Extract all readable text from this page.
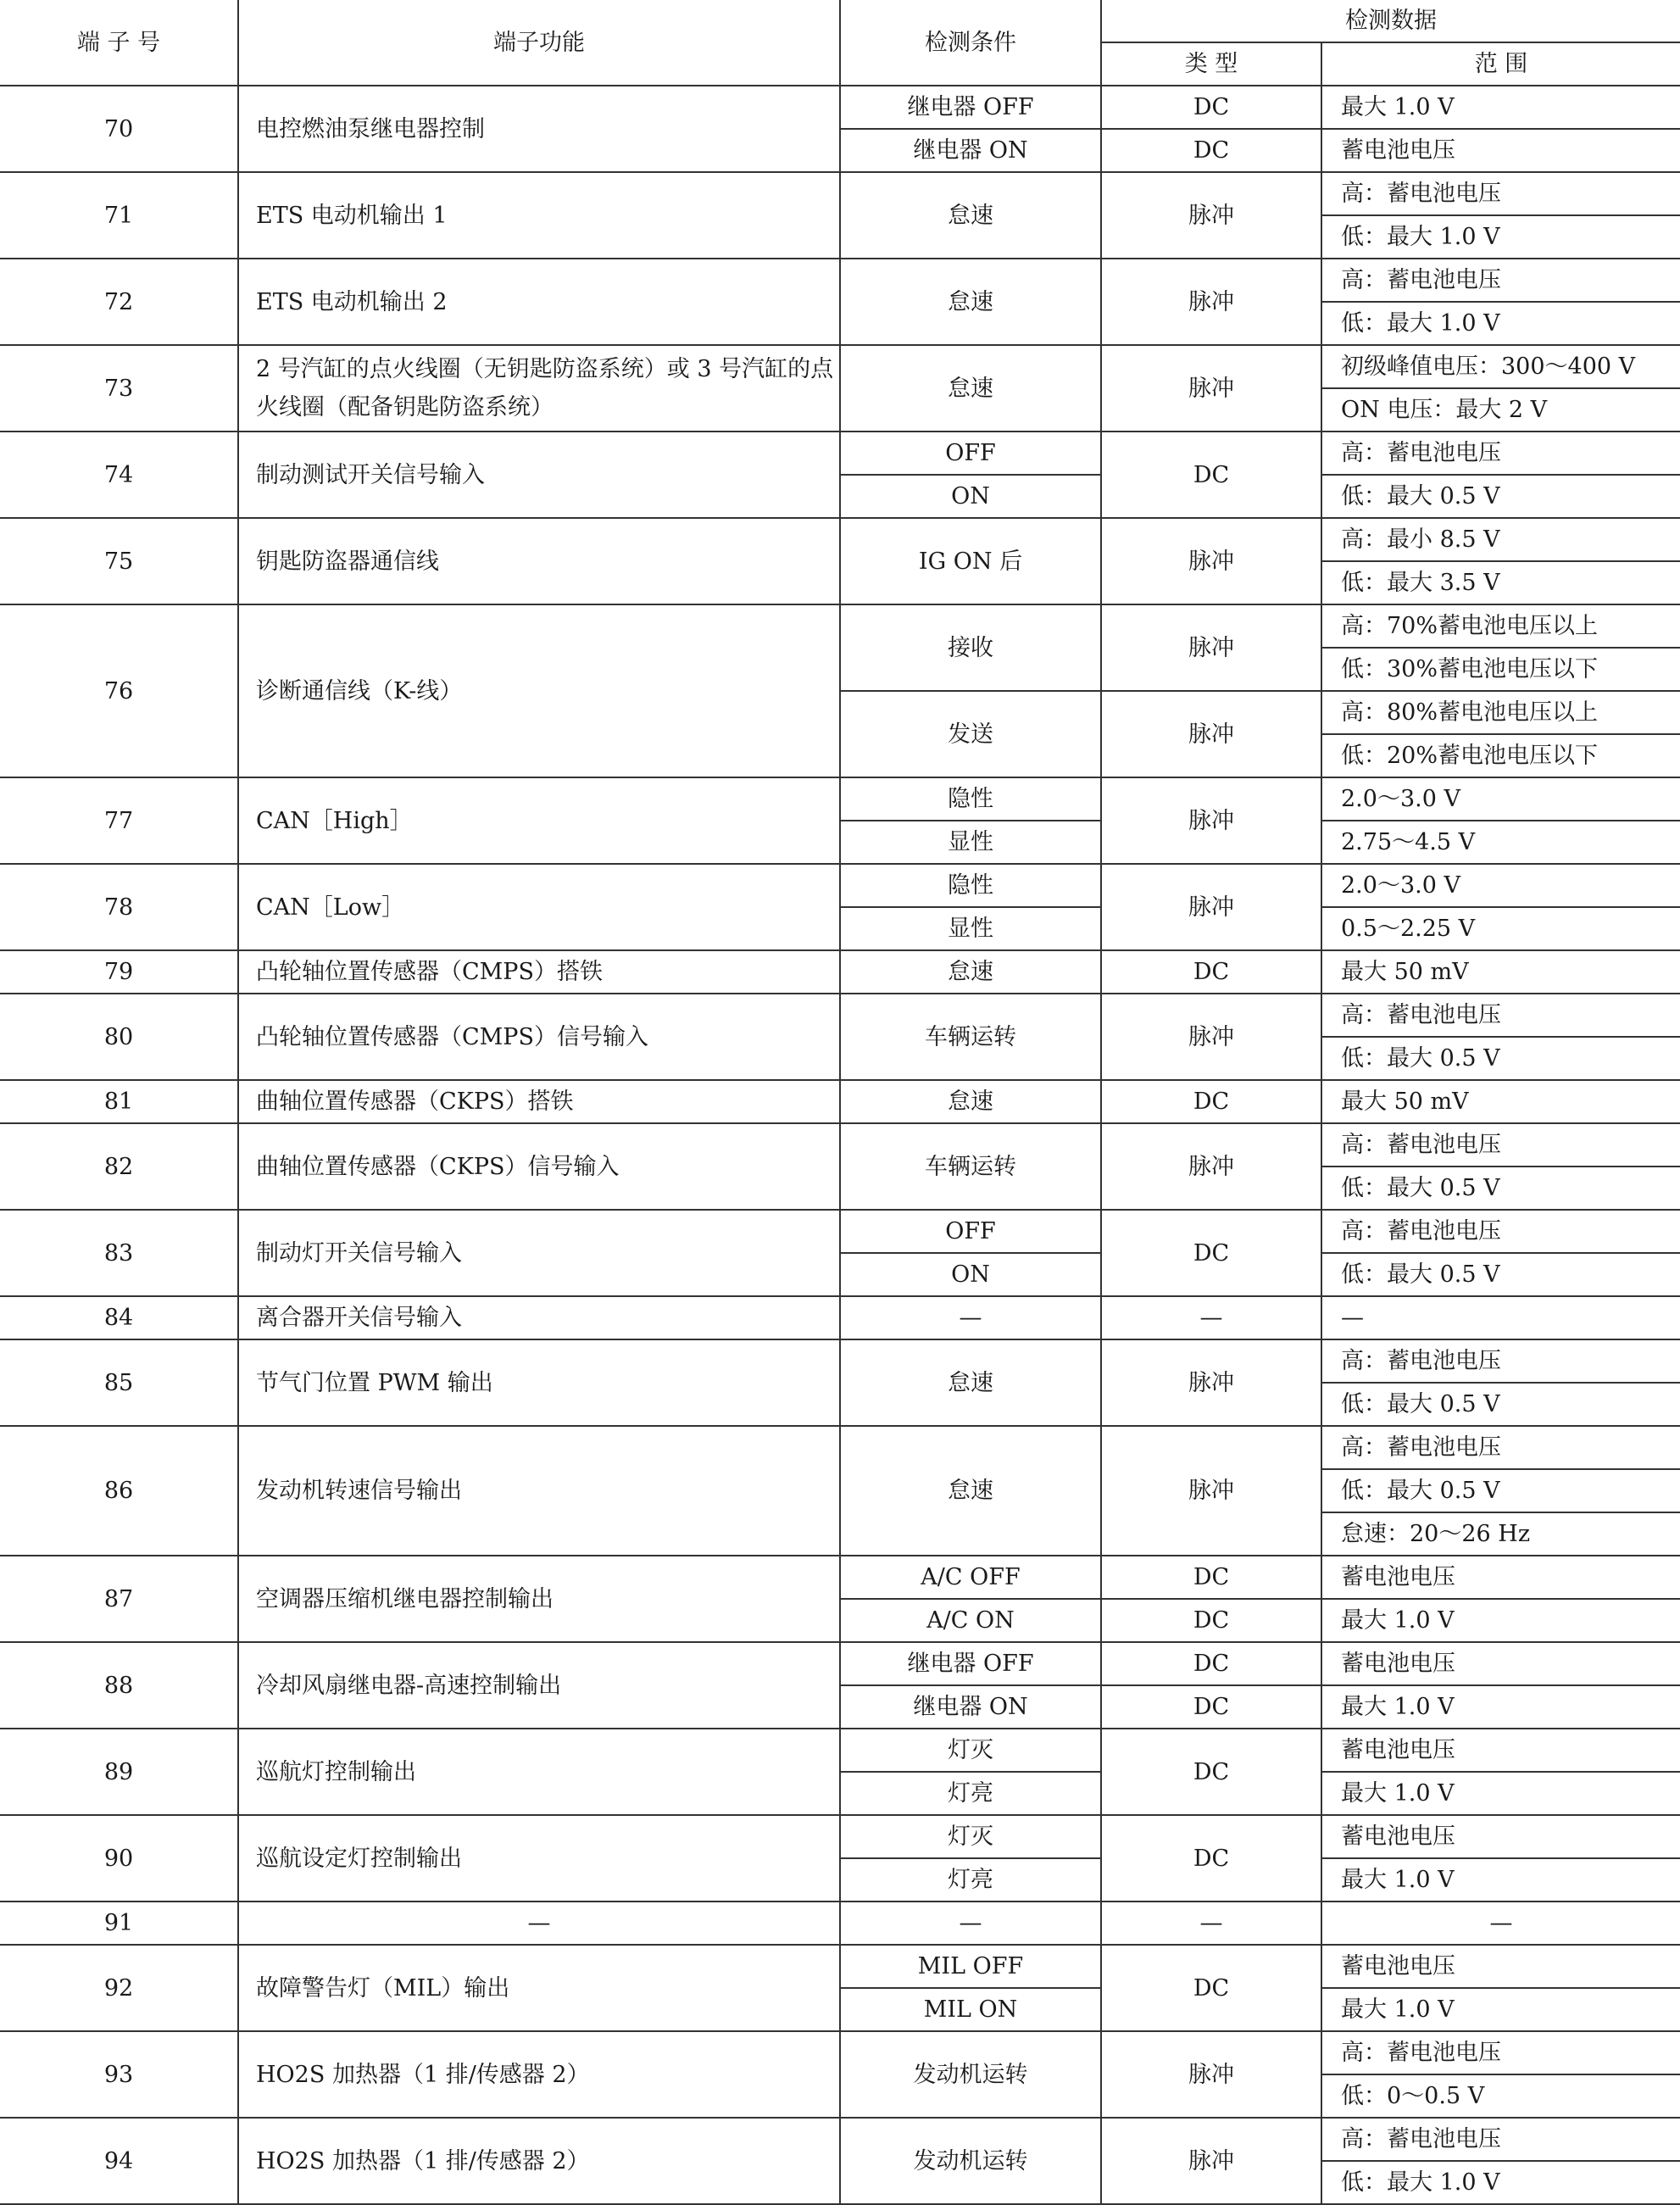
端 子 号	端子功能	检测条件	检测数据	
			类 型	范 围
70	电控燃油泵继电器控制	继电器 OFF	DC	最大 1.0 V
		继电器 ON	DC	蓄电池电压
71	ETS 电动机输出 1	怠速	脉冲	高：蓄电池电压
				低：最大 1.0 V
72	ETS 电动机输出 2	怠速	脉冲	高：蓄电池电压
				低：最大 1.0 V
73	2 号汽缸的点火线圈（无钥匙防盗系统）或 3 号汽缸的点火线圈（配备钥匙防盗系统）	怠速	脉冲	初级峰值电压：300～400 V
				ON 电压：最大 2 V
74	制动测试开关信号输入	OFF	DC	高：蓄电池电压
		ON		低：最大 0.5 V
75	钥匙防盗器通信线	IG ON 后	脉冲	高：最小 8.5 V
				低：最大 3.5 V
76	诊断通信线（K-线）	接收	脉冲	高：70%蓄电池电压以上
				低：30%蓄电池电压以下
		发送	脉冲	高：80%蓄电池电压以上
				低：20%蓄电池电压以下
77	CAN［High］	隐性	脉冲	2.0～3.0 V
		显性		2.75～4.5 V
78	CAN［Low］	隐性	脉冲	2.0～3.0 V
		显性		0.5～2.25 V
79	凸轮轴位置传感器（CMPS）搭铁	怠速	DC	最大 50 mV
80	凸轮轴位置传感器（CMPS）信号输入	车辆运转	脉冲	高：蓄电池电压
				低：最大 0.5 V
81	曲轴位置传感器（CKPS）搭铁	怠速	DC	最大 50 mV
82	曲轴位置传感器（CKPS）信号输入	车辆运转	脉冲	高：蓄电池电压
				低：最大 0.5 V
83	制动灯开关信号输入	OFF	DC	高：蓄电池电压
		ON		低：最大 0.5 V
84	离合器开关信号输入	—	—	—
85	节气门位置 PWM 输出	怠速	脉冲	高：蓄电池电压
				低：最大 0.5 V
86	发动机转速信号输出	怠速	脉冲	高：蓄电池电压
				低：最大 0.5 V
				怠速：20～26 Hz
87	空调器压缩机继电器控制输出	A/C OFF	DC	蓄电池电压
		A/C ON	DC	最大 1.0 V
88	冷却风扇继电器-高速控制输出	继电器 OFF	DC	蓄电池电压
		继电器 ON	DC	最大 1.0 V
89	巡航灯控制输出	灯灭	DC	蓄电池电压
		灯亮		最大 1.0 V
90	巡航设定灯控制输出	灯灭	DC	蓄电池电压
		灯亮		最大 1.0 V
91	—	—	—	—
92	故障警告灯（MIL）输出	MIL OFF	DC	蓄电池电压
		MIL ON		最大 1.0 V
93	HO2S 加热器（1 排/传感器 2）	发动机运转	脉冲	高：蓄电池电压
				低：0～0.5 V
94	HO2S 加热器（1 排/传感器 2）	发动机运转	脉冲	高：蓄电池电压
				低：最大 1.0 V
